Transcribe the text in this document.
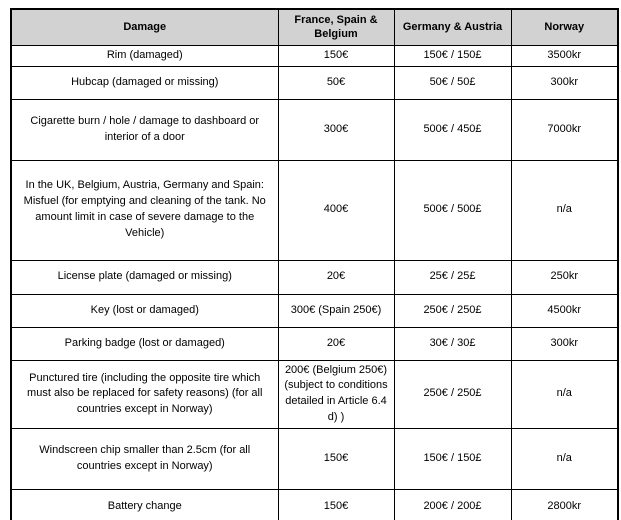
Damage	France, Spain & Belgium	Germany & Austria	Norway
Rim (damaged)	150€	150€ / 150£	3500kr
Hubcap (damaged or missing)	50€	50€ / 50£	300kr
Cigarette burn / hole / damage to dashboard or interior of a door	300€	500€ / 450£	7000kr
In the UK, Belgium, Austria, Germany and Spain: Misfuel (for emptying and cleaning of the tank. No amount limit in case of severe damage to the Vehicle)	400€	500€ / 500£	n/a
License plate (damaged or missing)	20€	25€ / 25£	250kr
Key (lost or damaged)	300€ (Spain 250€)	250€ / 250£	4500kr
Parking badge (lost or damaged)	20€	30€ / 30£	300kr
Punctured tire (including the opposite tire which must also be replaced for safety reasons) (for all countries except in Norway)	200€ (Belgium 250€) (subject to conditions detailed in Article 6.4 d) )	250€ / 250£	n/a
Windscreen chip smaller than 2.5cm (for all countries except in Norway)	150€	150€ / 150£	n/a
Battery change	150€	200€ / 200£	2800kr
